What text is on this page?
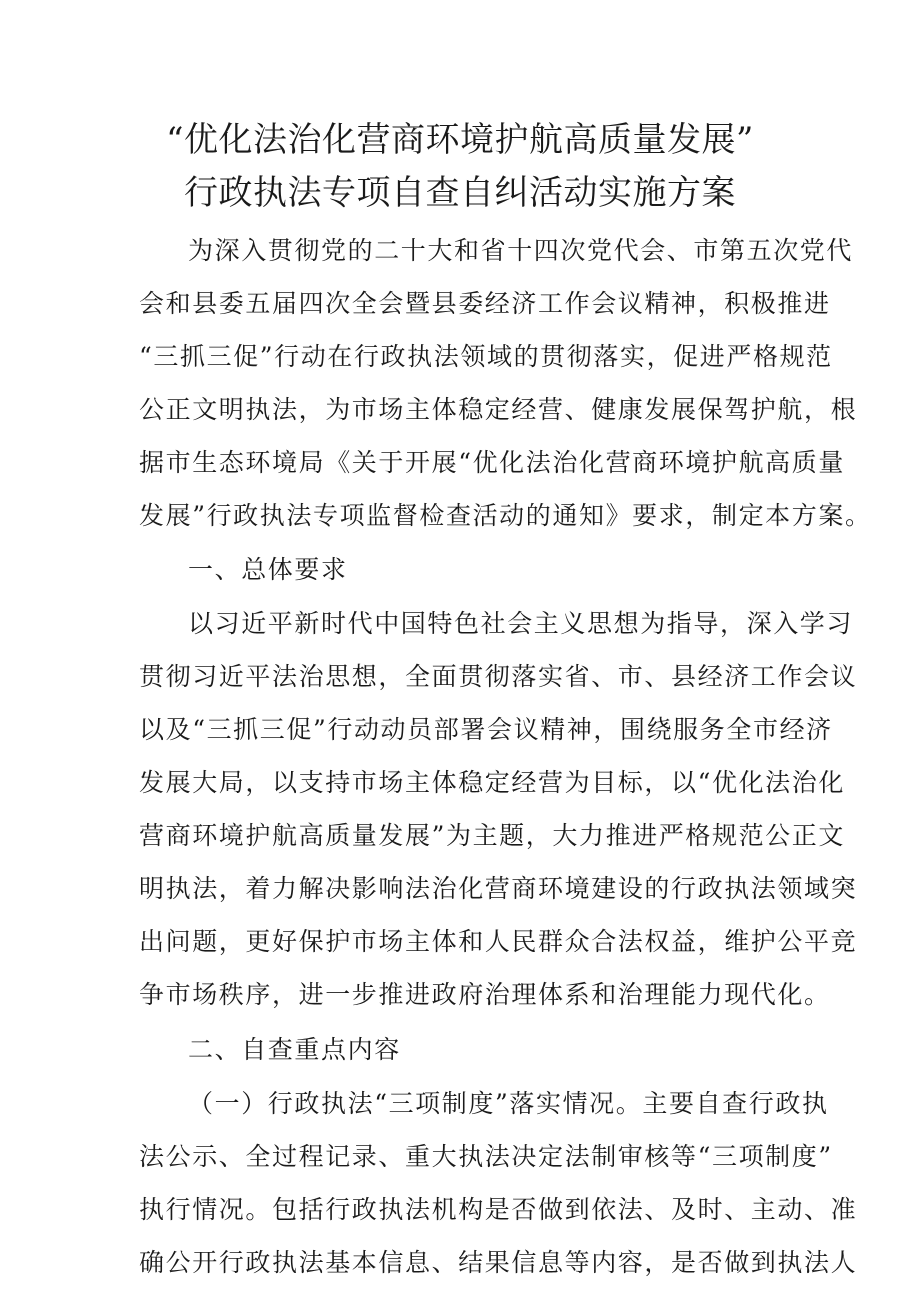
“优化法治化营商环境护航高质量发展”
行政执法专项自查自纠活动实施方案
为深入贯彻党的二十大和省十四次党代会、市第五次党代
会和县委五届四次全会暨县委经济工作会议精神，积极推进
“三抓三促”行动在行政执法领域的贯彻落实，促进严格规范
公正文明执法，为市场主体稳定经营、健康发展保驾护航，根
据市生态环境局《关于开展“优化法治化营商环境护航高质量
发展”行政执法专项监督检查活动的通知》要求，制定本方案。
一、总体要求
以习近平新时代中国特色社会主义思想为指导，深入学习
贯彻习近平法治思想，全面贯彻落实省、市、县经济工作会议
以及“三抓三促”行动动员部署会议精神，围绕服务全市经济
发展大局，以支持市场主体稳定经营为目标，以“优化法治化
营商环境护航高质量发展”为主题，大力推进严格规范公正文
明执法，着力解决影响法治化营商环境建设的行政执法领域突
出问题，更好保护市场主体和人民群众合法权益，维护公平竞
争市场秩序，进一步推进政府治理体系和治理能力现代化。
二、自查重点内容
（一）行政执法“三项制度”落实情况。主要自查行政执
法公示、全过程记录、重大执法决定法制审核等“三项制度”
执行情况。包括行政执法机构是否做到依法、及时、主动、准
确公开行政执法基本信息、结果信息等内容，是否做到执法人
